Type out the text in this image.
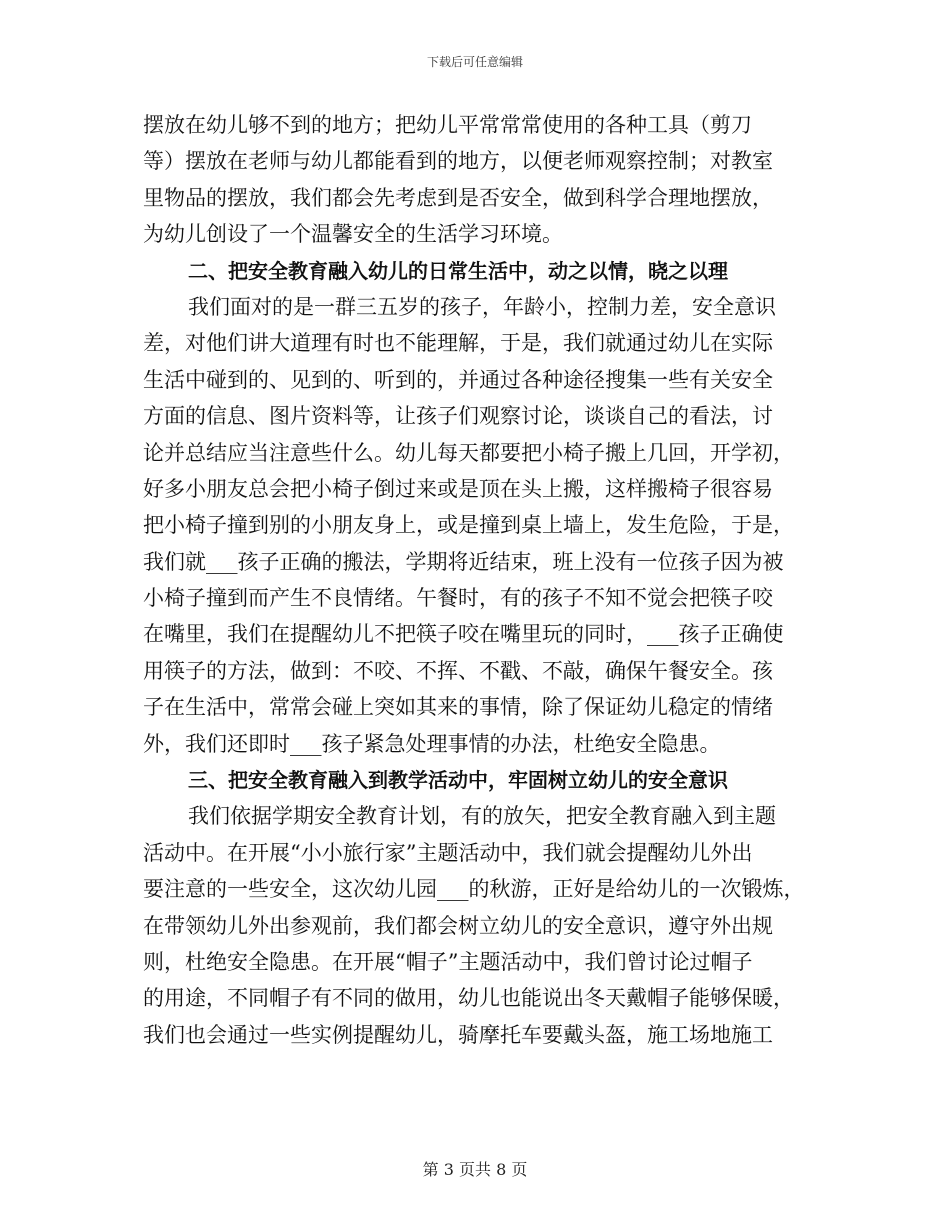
下载后可任意编辑
摆放在幼儿够不到的地方；把幼儿平常常常使用的各种工具（剪刀
等）摆放在老师与幼儿都能看到的地方，以便老师观察控制；对教室
里物品的摆放，我们都会先考虑到是否安全，做到科学合理地摆放，
为幼儿创设了一个温馨安全的生活学习环境。
二、把安全教育融入幼儿的日常生活中，动之以情，晓之以理
我们面对的是一群三五岁的孩子，年龄小，控制力差，安全意识
差，对他们讲大道理有时也不能理解，于是，我们就通过幼儿在实际
生活中碰到的、见到的、听到的，并通过各种途径搜集一些有关安全
方面的信息、图片资料等，让孩子们观察讨论，谈谈自己的看法，讨
论并总结应当注意些什么。幼儿每天都要把小椅子搬上几回，开学初，
好多小朋友总会把小椅子倒过来或是顶在头上搬，这样搬椅子很容易
把小椅子撞到别的小朋友身上，或是撞到桌上墙上，发生危险，于是，
我们就___孩子正确的搬法，学期将近结束，班上没有一位孩子因为被
小椅子撞到而产生不良情绪。午餐时，有的孩子不知不觉会把筷子咬
在嘴里，我们在提醒幼儿不把筷子咬在嘴里玩的同时，___孩子正确使
用筷子的方法，做到：不咬、不挥、不戳、不敲，确保午餐安全。孩
子在生活中，常常会碰上突如其来的事情，除了保证幼儿稳定的情绪
外，我们还即时___孩子紧急处理事情的办法，杜绝安全隐患。
三、把安全教育融入到教学活动中，牢固树立幼儿的安全意识
我们依据学期安全教育计划，有的放矢，把安全教育融入到主题
活动中。在开展“小小旅行家”主题活动中，我们就会提醒幼儿外出
要注意的一些安全，这次幼儿园___的秋游，正好是给幼儿的一次锻炼，
在带领幼儿外出参观前，我们都会树立幼儿的安全意识，遵守外出规
则，杜绝安全隐患。在开展“帽子”主题活动中，我们曾讨论过帽子
的用途，不同帽子有不同的做用，幼儿也能说出冬天戴帽子能够保暖，
我们也会通过一些实例提醒幼儿，骑摩托车要戴头盔，施工场地施工
第 3 页共 8 页
